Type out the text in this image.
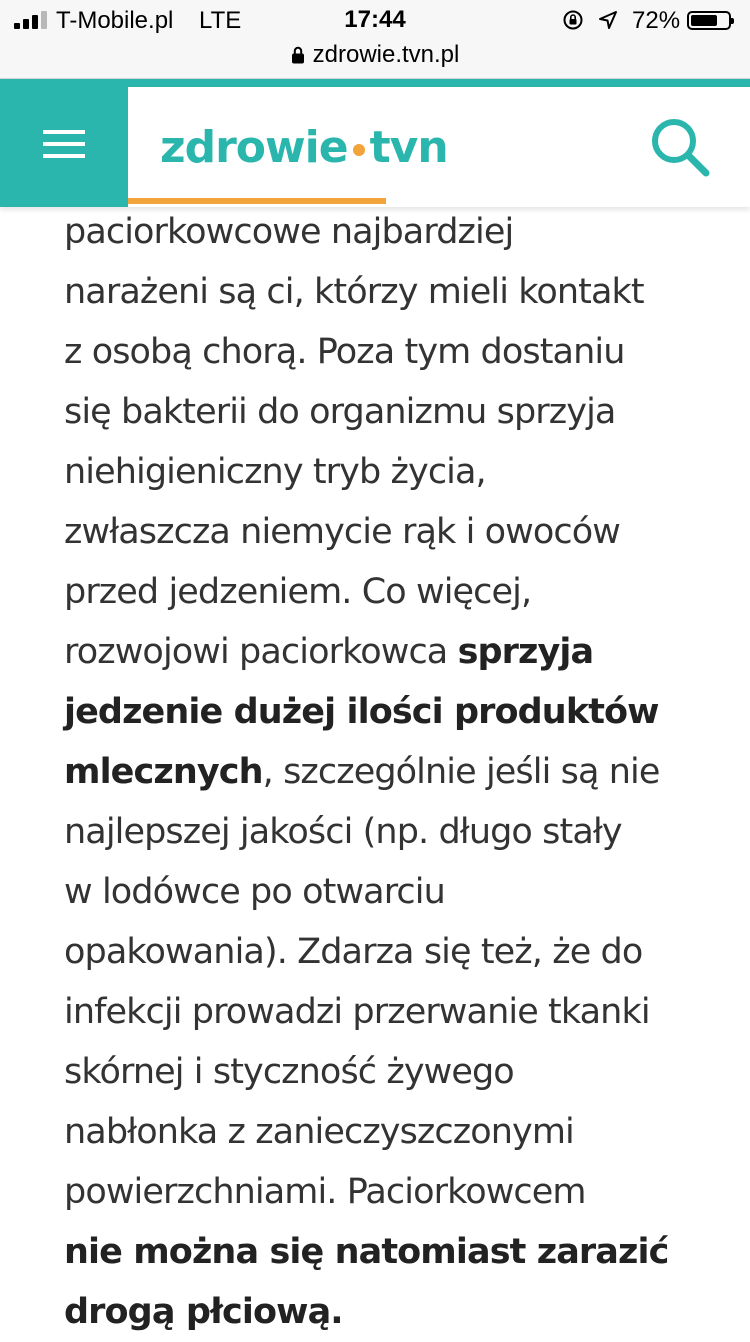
T-Mobile.pl LTE	17:44	72%
zdrowie.tvn.pl
zdrowie tvn

paciorkowcowe najbardziej
narażeni są ci, którzy mieli kontakt
z osobą chorą. Poza tym dostaniu
się bakterii do organizmu sprzyja
niehigieniczny tryb życia,
zwłaszcza niemycie rąk i owoców
przed jedzeniem. Co więcej,
rozwojowi paciorkowca sprzyja
jedzenie dużej ilości produktów
mlecznych, szczególnie jeśli są nie
najlepszej jakości (np. długo stały
w lodówce po otwarciu
opakowania). Zdarza się też, że do
infekcji prowadzi przerwanie tkanki
skórnej i styczność żywego
nabłonka z zanieczyszczonymi
powierzchniami. Paciorkowcem
nie można się natomiast zarazić
drogą płciową.
